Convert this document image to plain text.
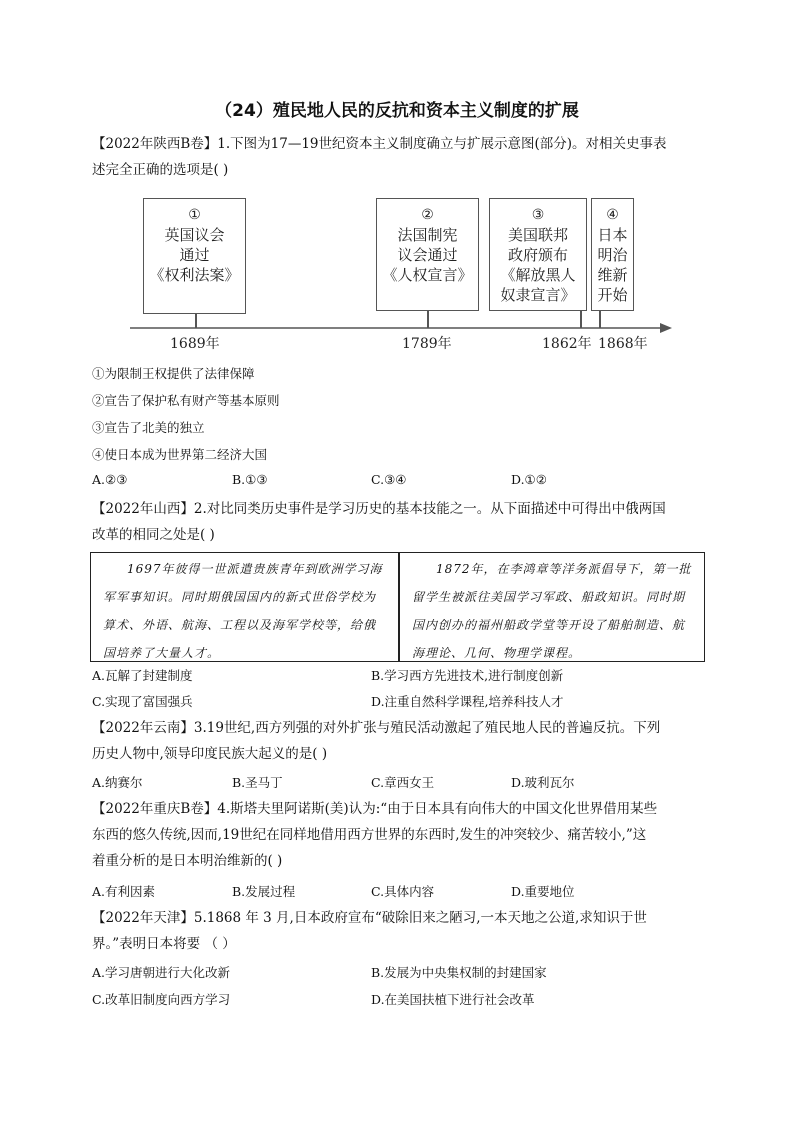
（24）殖民地人民的反抗和资本主义制度的扩展
【2022年陕西B卷】1.下图为17—19世纪资本主义制度确立与扩展示意图(部分)。对相关史事表
述完全正确的选项是( )
①
英国议会
通过
《权利法案》
②
法国制宪
议会通过
《人权宣言》
③
美国联邦
政府颁布
《解放黑人
奴隶宣言》
④
日本
明治
维新
开始
1689年	1789年	1862年 1868年
①为限制王权提供了法律保障
②宣告了保护私有财产等基本原则
③宣告了北美的独立
④使日本成为世界第二经济大国
A.②③	B.①③	C.③④	D.①②
【2022年山西】2.对比同类历史事件是学习历史的基本技能之一。从下面描述中可得出中俄两国
改革的相同之处是( )
1697年彼得一世派遣贵族青年到欧洲学习海军军事知识。同时期俄国国内的新式世俗学校为算术、外语、航海、工程以及海军学校等，给俄国培养了大量人才。
1872年，在李鸿章等洋务派倡导下，第一批留学生被派往美国学习军政、船政知识。同时期国内创办的福州船政学堂等开设了船舶制造、航海理论、几何、物理学课程。
A.瓦解了封建制度	B.学习西方先进技术,进行制度创新
C.实现了富国强兵	D.注重自然科学课程,培养科技人才
【2022年云南】3.19世纪,西方列强的对外扩张与殖民活动激起了殖民地人民的普遍反抗。下列
历史人物中,领导印度民族大起义的是( )
A.纳赛尔	B.圣马丁	C.章西女王	D.玻利瓦尔
【2022年重庆B卷】4.斯塔夫里阿诺斯(美)认为:“由于日本具有向伟大的中国文化世界借用某些
东西的悠久传统,因而,19世纪在同样地借用西方世界的东西时,发生的冲突较少、痛苦较小,”这
着重分析的是日本明治维新的( )
A.有利因素	B.发展过程	C.具体内容	D.重要地位
【2022年天津】5.1868 年 3 月,日本政府宣布“破除旧来之陋习,一本天地之公道,求知识于世
界。”表明日本将要 （ ）
A.学习唐朝进行大化改新	B.发展为中央集权制的封建国家
C.改革旧制度向西方学习	D.在美国扶植下进行社会改革
